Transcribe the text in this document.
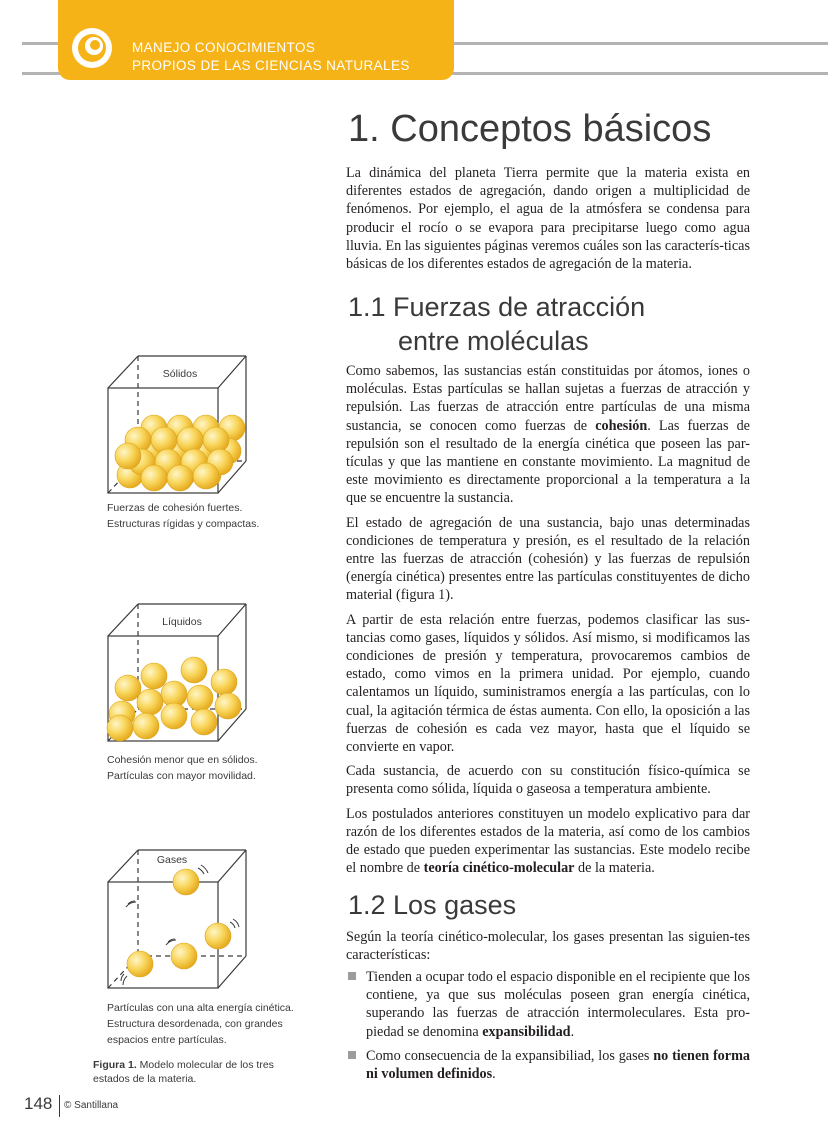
MANEJO CONOCIMIENTOS
PROPIOS DE LAS CIENCIAS NATURALES
1. Conceptos básicos

La dinámica del planeta Tierra permite que la materia exista en diferentes estados de agregación, dando origen a multiplicidad de fenómenos. Por ejemplo, el agua de la atmósfera se condensa para producir el rocío o se evapora para precipitarse luego como agua lluvia. En las siguientes páginas veremos cuáles son las caracterís-ticas básicas de los diferentes estados de agregación de la materia.

1.1 Fuerzas de atracción
entre moléculas

Como sabemos, las sustancias están constituidas por átomos, iones o moléculas. Estas partículas se hallan sujetas a fuerzas de atracción y repulsión. Las fuerzas de atracción entre partículas de una misma sustancia, se conocen como fuerzas de cohesión. Las fuerzas de repulsión son el resultado de la energía cinética que poseen las par-tículas y que las mantiene en constante movimiento. La magnitud de este movimiento es directamente proporcional a la temperatura a la que se encuentre la sustancia.

El estado de agregación de una sustancia, bajo unas determinadas condiciones de temperatura y presión, es el resultado de la relación entre las fuerzas de atracción (cohesión) y las fuerzas de repulsión (energía cinética) presentes entre las partículas constituyentes de dicho material (figura 1).

A partir de esta relación entre fuerzas, podemos clasificar las sus-tancias como gases, líquidos y sólidos. Así mismo, si modificamos las condiciones de presión y temperatura, provocaremos cambios de estado, como vimos en la primera unidad. Por ejemplo, cuando calentamos un líquido, suministramos energía a las partículas, con lo cual, la agitación térmica de éstas aumenta. Con ello, la oposición a las fuerzas de cohesión es cada vez mayor, hasta que el líquido se convierte en vapor.

Cada sustancia, de acuerdo con su constitución físico-química se presenta como sólida, líquida o gaseosa a temperatura ambiente.

Los postulados anteriores constituyen un modelo explicativo para dar razón de los diferentes estados de la materia, así como de los cambios de estado que pueden experimentar las sustancias. Este modelo recibe el nombre de teoría cinético-molecular de la materia.

1.2 Los gases

Según la teoría cinético-molecular, los gases presentan las siguien-tes características:

Tienden a ocupar todo el espacio disponible en el recipiente que los contiene, ya que sus moléculas poseen gran energía cinética, superando las fuerzas de atracción intermoleculares. Esta pro-piedad se denomina expansibilidad.
Como consecuencia de la expansibiliad, los gases no tienen forma ni volumen definidos.
Sólidos
Fuerzas de cohesión fuertes.
Estructuras rígidas y compactas.
Líquidos
Cohesión menor que en sólidos.
Partículas con mayor movilidad.
Gases
Partículas con una alta energía cinética.
Estructura desordenada, con grandes
espacios entre partículas.
Figura 1. Modelo molecular de los tres estados de la materia.
148 © Santillana
